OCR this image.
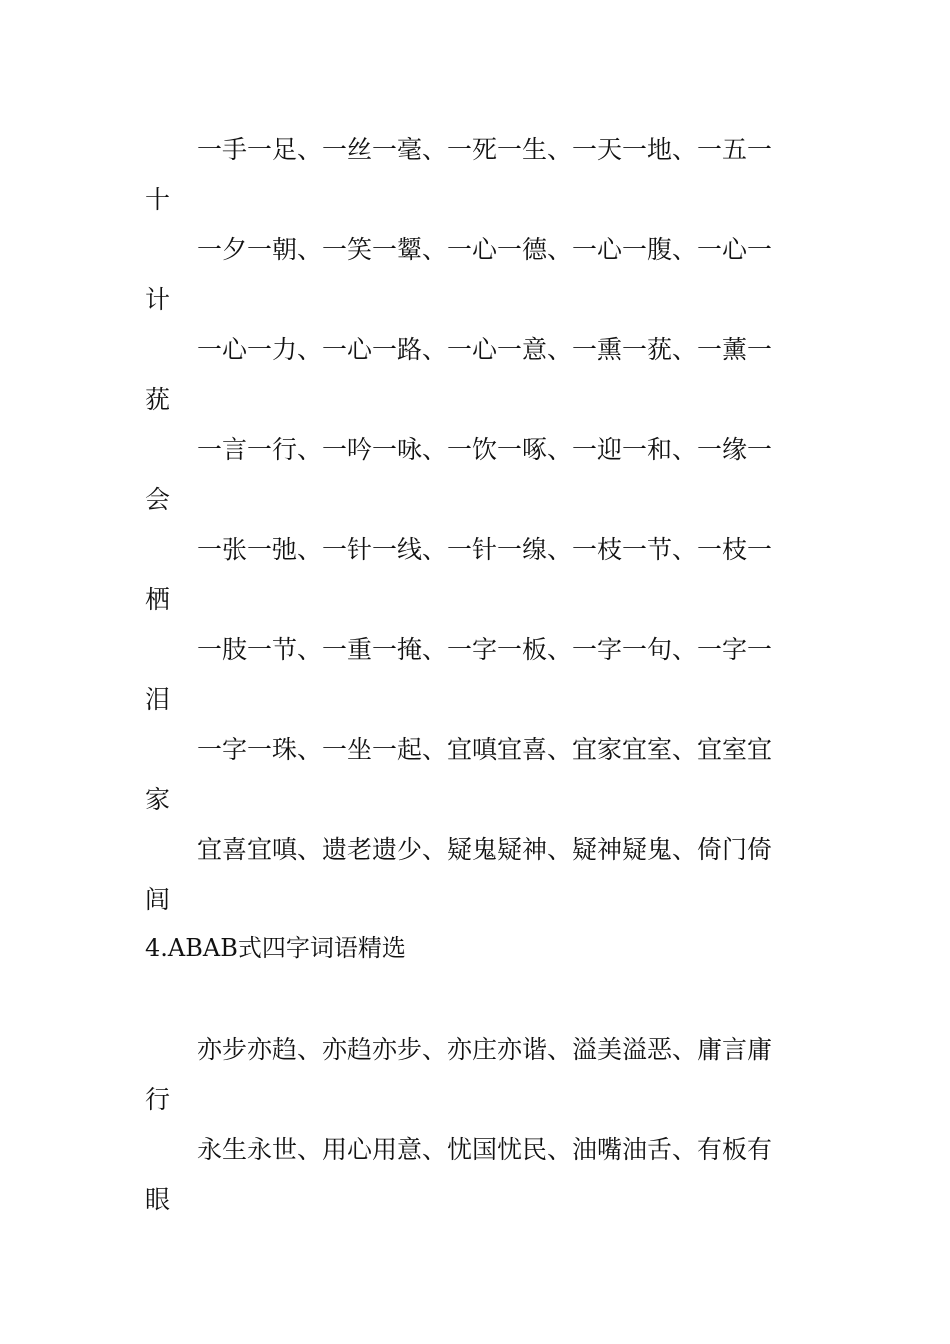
一手一足、一丝一毫、一死一生、一天一地、一五一
十
一夕一朝、一笑一颦、一心一德、一心一腹、一心一
计
一心一力、一心一路、一心一意、一熏一莸、一薰一
莸
一言一行、一吟一咏、一饮一啄、一迎一和、一缘一
会
一张一弛、一针一线、一针一缐、一枝一节、一枝一
栖
一肢一节、一重一掩、一字一板、一字一句、一字一
泪
一字一珠、一坐一起、宜嗔宜喜、宜家宜室、宜室宜
家
宜喜宜嗔、遗老遗少、疑鬼疑神、疑神疑鬼、倚门倚
闾
4.ABAB式四字词语精选
亦步亦趋、亦趋亦步、亦庄亦谐、溢美溢恶、庸言庸
行
永生永世、用心用意、忧国忧民、油嘴油舌、有板有
眼
